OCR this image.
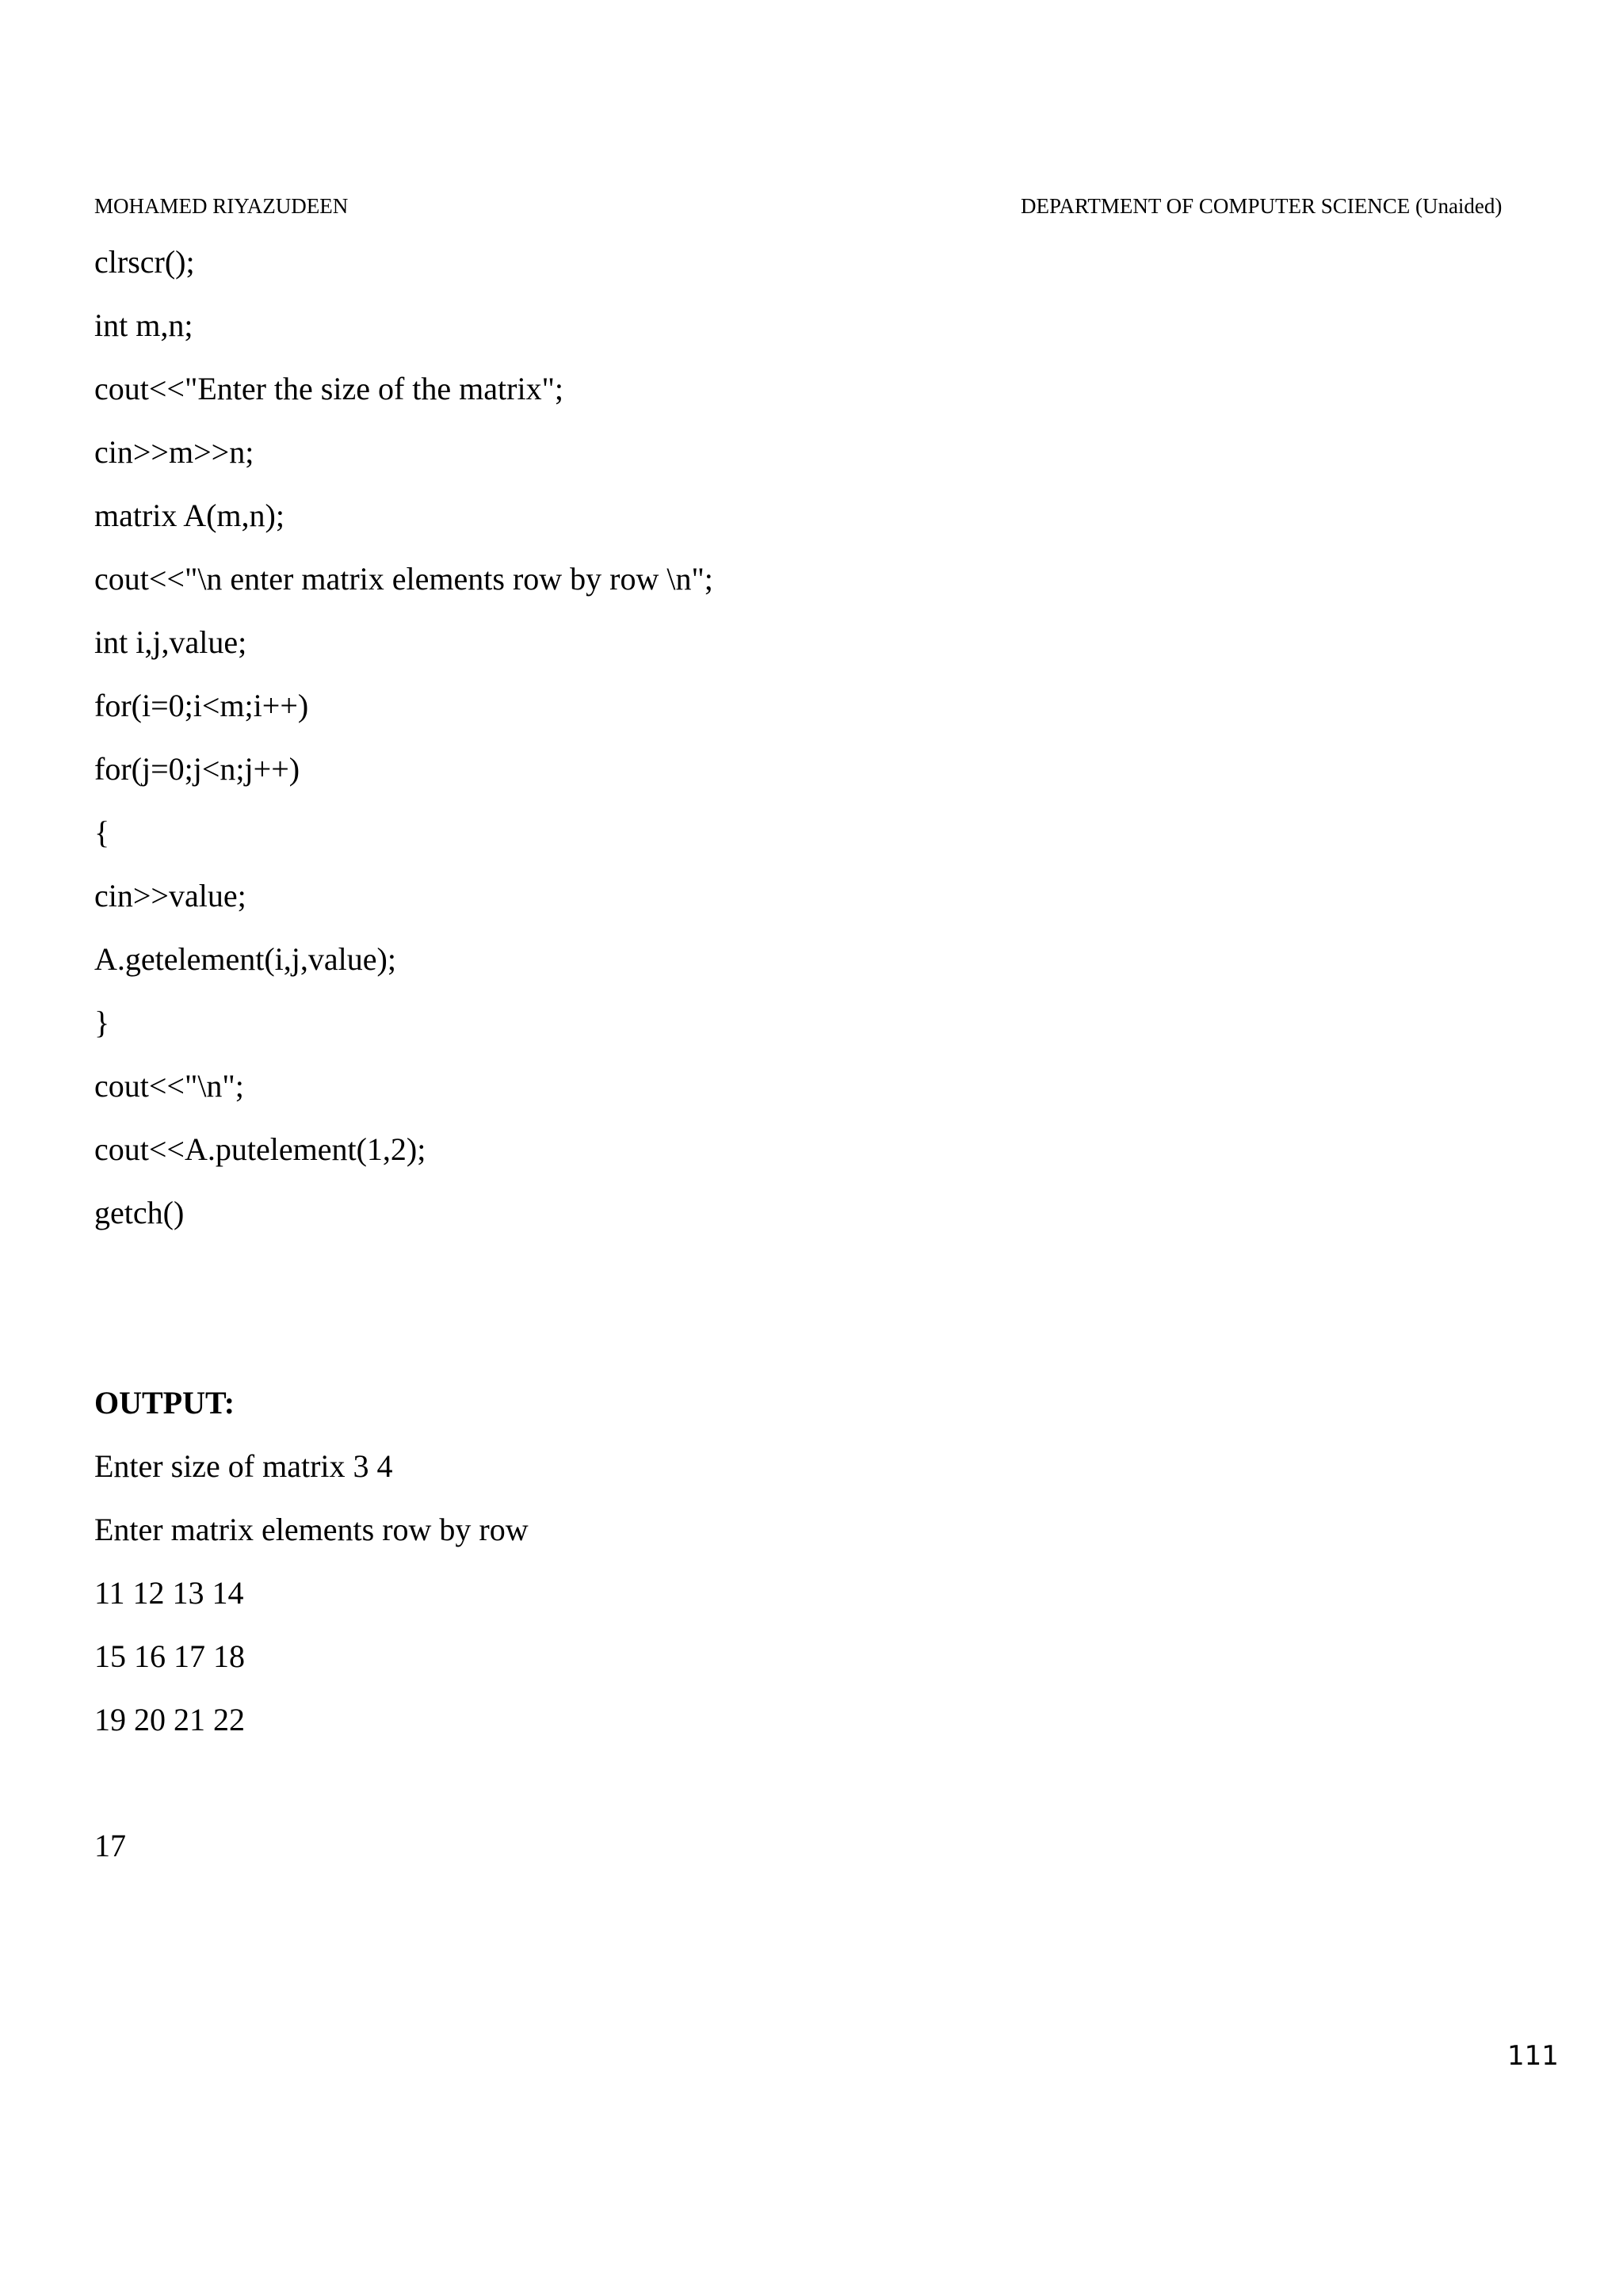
MOHAMED RIYAZUDEEN	DEPARTMENT OF COMPUTER SCIENCE (Unaided)
clrscr();
int m,n;
cout<<"Enter the size of the matrix";
cin>>m>>n;
matrix A(m,n);
cout<<"\n enter matrix elements row by row \n";
int i,j,value;
for(i=0;i<m;i++)
for(j=0;j<n;j++)
{
cin>>value;
A.getelement(i,j,value);
}
cout<<"\n";
cout<<A.putelement(1,2);
getch()
OUTPUT:
Enter size of matrix 3 4
Enter matrix elements row by row
11 12 13 14
15 16 17 18
19 20 21 22
17
111
